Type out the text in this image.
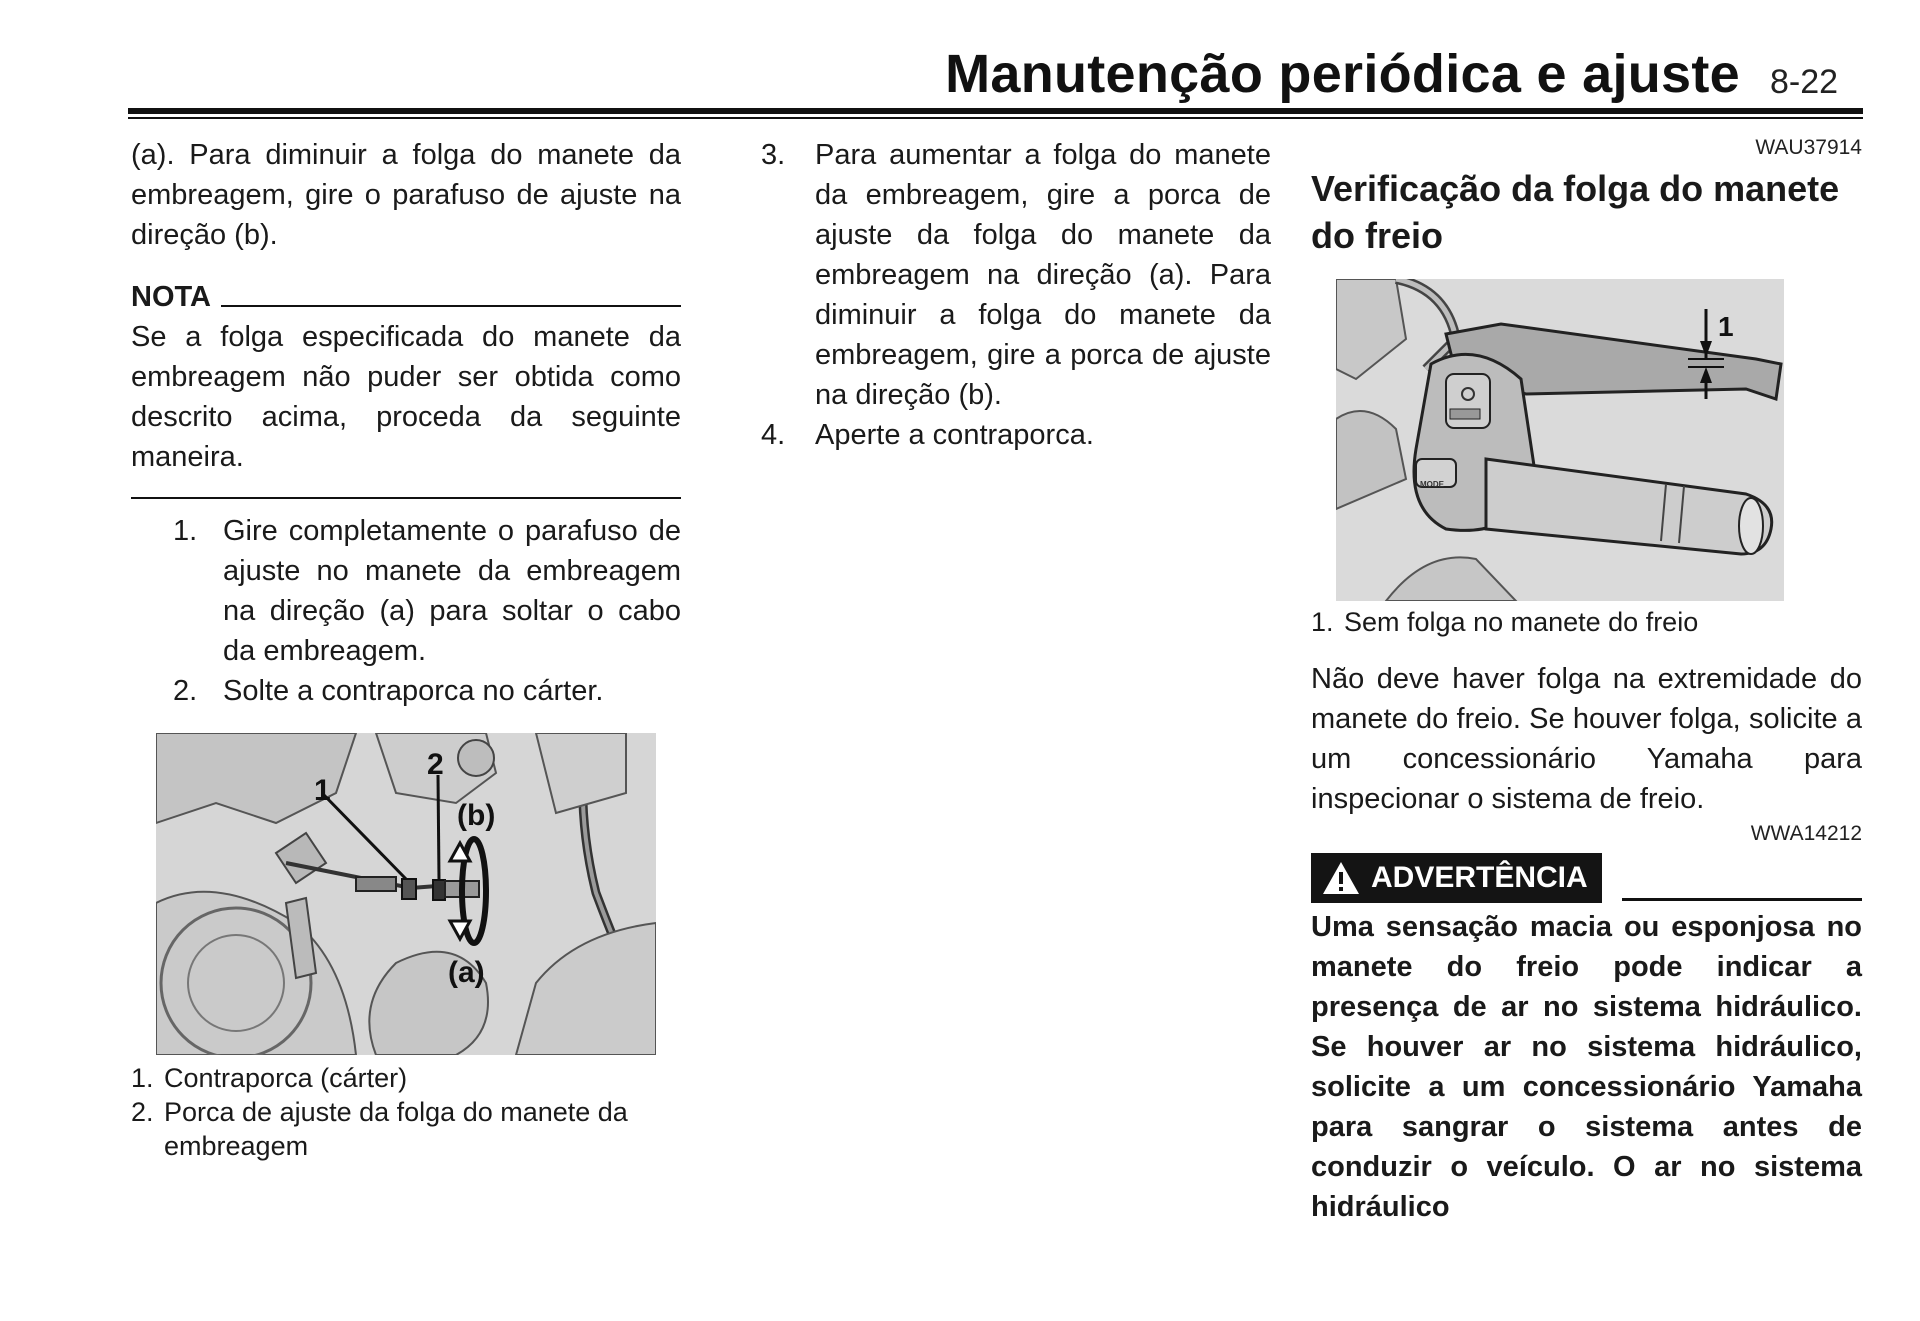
Manutenção periódica e ajuste 8-22

(a). Para diminuir a folga do manete da embreagem, gire o parafuso de ajuste na direção (b).

NOTA

Se a folga especificada do manete da embreagem não puder ser obtida como descrito acima, proceda da seguinte maneira.

1. Gire completamente o parafuso de ajuste no manete da embreagem na direção (a) para soltar o cabo da embreagem.
2. Solte a contraporca no cárter.
1
2
(b)
(a)
1. Contraporca (cárter)
2. Porca de ajuste da folga do manete da embreagem
3.	Para aumentar a folga do manete da embreagem, gire a porca de ajuste da folga do manete da embreagem na direção (a). Para diminuir a folga do manete da embreagem, gire a porca de ajuste na direção (b).
4.	Aperte a contraporca.
WAU37914
Verificação da folga do manete do freio
1
MODE
1. Sem folga no manete do freio

Não deve haver folga na extremidade do manete do freio. Se houver folga, solicite a um concessionário Yamaha para inspecionar o sistema de freio.

WWA14212
ADVERTÊNCIA

Uma sensação macia ou esponjosa no manete do freio pode indicar a presença de ar no sistema hidráulico. Se houver ar no sistema hidráulico, solicite a um concessionário Yamaha para sangrar o sistema antes de conduzir o veículo. O ar no sistema hidráulico
